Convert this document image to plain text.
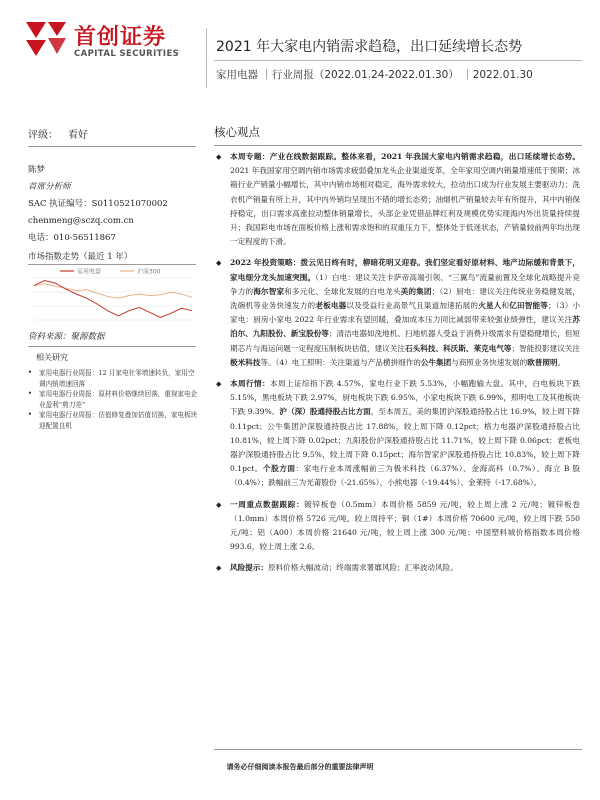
首创证券
CAPITAL SECURITIES	2021 年大家电内销需求趋稳，出口延续增长态势
家用电器 ｜行业周报（2022.01.24-2022.01.30） ｜2022.01.30
评级： 看好
陈梦
首席分析师
SAC 执证编号：S0110521070002
chenmeng@sczq.com.cn
电话：010-56511867
市场指数走势（最近 1 年）
家用电器	沪深300
资料来源：聚源数据
相关研究
• 家用电器行业周报：12 月家电社零增速转负，家用空调内销增速回落
• 家用电器行业周报：原材料价格继续回落，重视家电企业盈利“剪刀差”
• 家用电器行业周报：估值修复叠加估值切换，家电板块迎配置良机
核心观点
◆ 本周专题：产业在线数据跟踪。整体来看，2021 年我国大家电内销需求趋稳，出口延续增长态势。2021 年我国家用空调内销市场需求疲弱叠加龙头企业渠道变革，全年家用空调内销量增速低于预期；冰箱行业产销量小幅增长，其中内销市场相对稳定，海外需求较大，拉动出口成为行业发展主要驱动力；洗衣机产销量有所上升，其中内外销均呈现出不错的增长态势；油烟机产销量较去年有所提升，其中内销保持稳定，出口需求高涨拉动整体销量增长，头部企业凭借品牌红利及规模优势实现海内外出货量持续提升；我国彩电市场在面板价格上涨和需求饱和的双重压力下，整体处于低迷状态，产销量较前两年均出现一定程度的下滑。
◆ 2022 年投资策略：拨云见日终有时，柳暗花明又迎春。我们坚定看好原材料、地产边际缓和背景下，家电细分龙头加速突围。（1）白电：建议关注卡萨帝高端引领、“三翼鸟”流量前置及全球化战略提升竞争力的海尔智家和多元化、全球化发展的白电龙头美的集团；（2）厨电：建议关注传统业务稳健发展，洗碗机等业务快速发力的老板电器以及受益行业高景气且渠道加速拓展的火星人和亿田智能等；（3）小家电：厨房小家电 2022 年行业需求有望回暖，叠加成本压力同比减弱带来较强业绩弹性，建议关注苏泊尔、九阳股份、新宝股份等；清洁电器如洗地机、扫地机器人受益于消费升级需求有望稳健增长，但短期芯片与海运问题一定程度压制板块估值，建议关注石头科技、科沃斯、莱克电气等；智能投影建议关注极米科技等。（4）电工照明：关注渠道与产品横拼细作的公牛集团与商照业务快速发展的欧普照明。
◆ 本周行情：本周上证综指下跌 4.57%，家电行业下跌 5.53%，小幅跑输大盘。其中，白电板块下跌 5.15%，黑电板块下跌 2.97%，厨电板块下跌 6.95%，小家电板块下跌 6.99%，照明电工及其他板块下跌 9.39%。沪（深）股通持股占比方面，至本周五，美的集团沪深股通持股占比 16.9%，较上周下降 0.11pct；公牛集团沪深股通持股占比 17.88%，较上周下降 0.12pct；格力电器沪深股通持股占比 10.81%，较上周下降 0.02pct；九阳股份沪深股通持股占比 11.71%，较上周下降 0.06pct；老板电器沪深股通持股占比 9.5%，较上周下降 0.15pct；海尔智家沪深股通持股占比 10.83%，较上周下降 0.1pct。个股方面：家电行业本周涨幅前三为极米科技（6.37%）、金海高科（0.7%）、海立 B 股（0.4%）；跌幅前三为光莆股份（-21.65%）、小熊电器（-19.44%）、金莱特（-17.68%）。
◆ 一周重点数据跟踪：镀锌板卷（0.5mm）本周价格 5859 元/吨，较上周上涨 2 元/吨；镀锌板卷（1.0mm）本周价格 5726 元/吨，较上周持平；铜（1#）本周价格 70600 元/吨，较上周下跌 550 元/吨；铝（A00）本周价格 21640 元/吨，较上周上涨 300 元/吨；中国塑料城价格指数本周价格 993.6，较上周上涨 2.6。
◆ 风险提示：原料价格大幅波动；终端需求署靡风险；汇率波动风险。
请务必仔细阅读本报告最后部分的重要法律声明
